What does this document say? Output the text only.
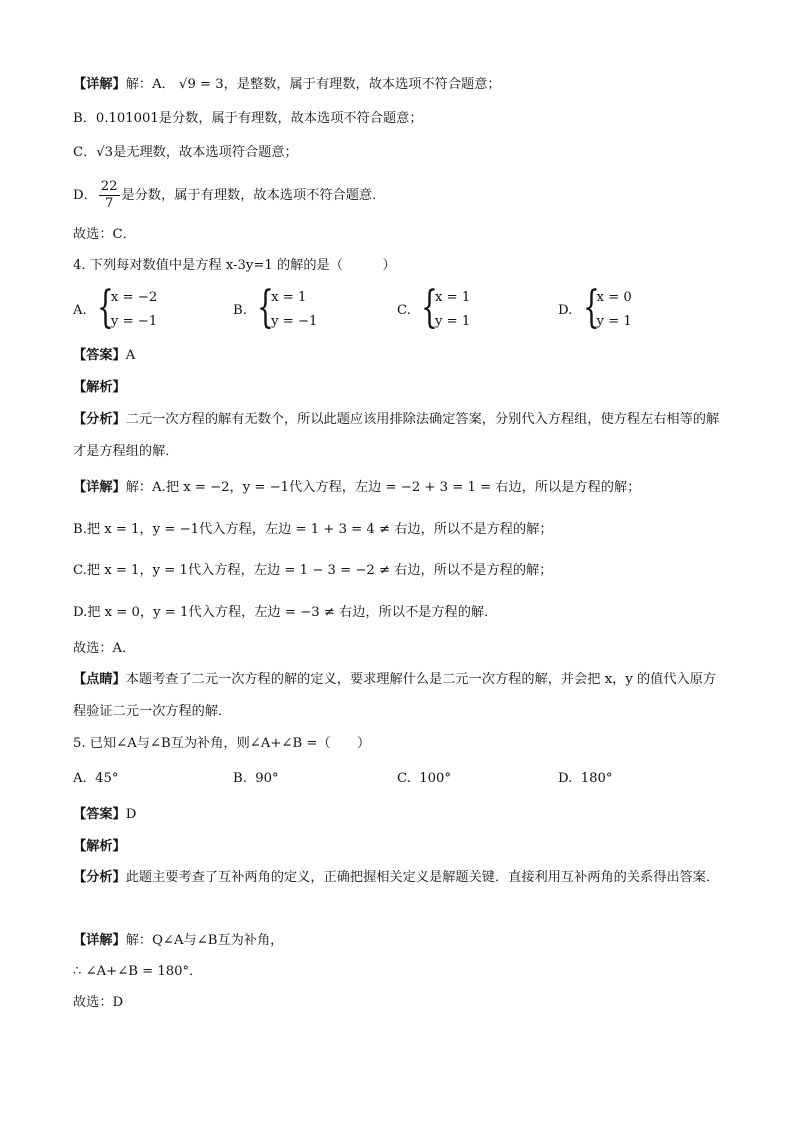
【详解】解：A． √9 = 3，是整数，属于有理数，故本选项不符合题意；
B．0.101001是分数，属于有理数，故本选项不符合题意；
C．√3是无理数，故本选项符合题意；
D． $\frac{22}{7}$ 是分数，属于有理数，故本选项不符合题意．
故选：C．
4. 下列每对数值中是方程 x-3y=1 的解的是（　　　）
A. {
x = −2
y = −1
B. {
x = 1
y = −1
C. {
x = 1
y = 1
D. {
x = 0
y = 1
【答案】A
【解析】
【分析】二元一次方程的解有无数个，所以此题应该用排除法确定答案，分别代入方程组，使方程左右相等的解才是方程组的解．
【详解】解：A.把 x = −2，y = −1代入方程，左边 = −2 + 3 = 1 = 右边，所以是方程的解；
B.把 x = 1，y = −1代入方程，左边 = 1 + 3 = 4 ≠ 右边，所以不是方程的解；
C.把 x = 1，y = 1代入方程，左边 = 1 − 3 = −2 ≠ 右边，所以不是方程的解；
D.把 x = 0，y = 1代入方程，左边 = −3 ≠ 右边，所以不是方程的解．
故选：A．
【点睛】本题考查了二元一次方程的解的定义，要求理解什么是二元一次方程的解，并会把 x，y 的值代入原方程验证二元一次方程的解．
5. 已知∠A与∠B互为补角，则∠A+∠B =（　　）
A. 45°	B. 90°	C. 100°	D. 180°
【答案】D
【解析】
【分析】此题主要考查了互补两角的定义，正确把握相关定义是解题关键．直接利用互补两角的关系得出答案．
【详解】解：Q∠A与∠B互为补角，
∴ ∠A+∠B = 180°．
故选：D
